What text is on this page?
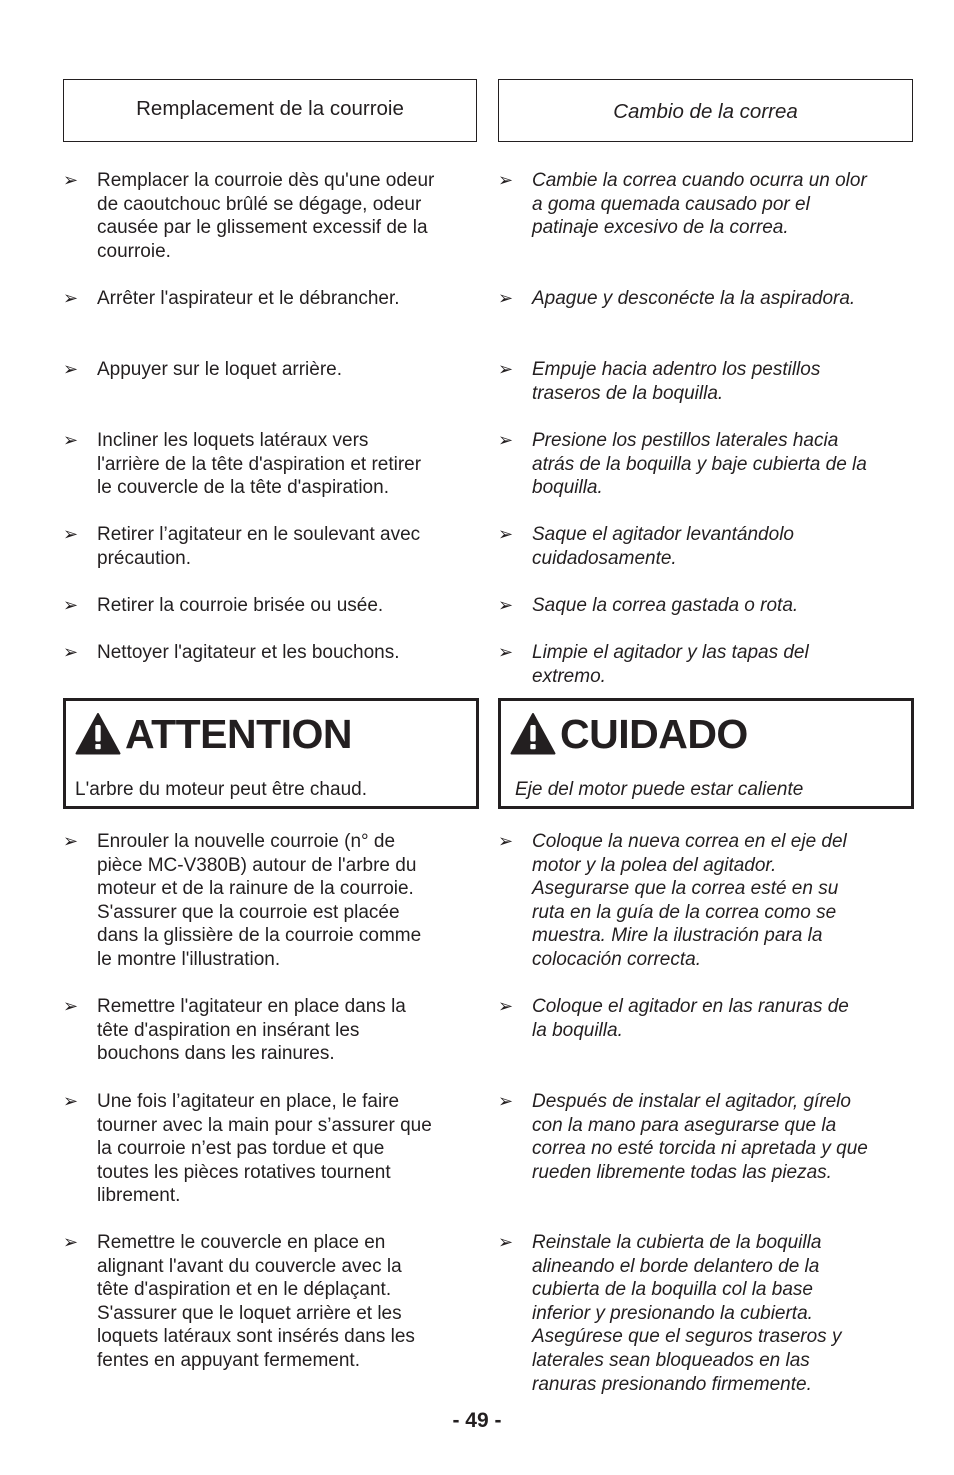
Remplacement de la courroie	Cambio de la correa
➢ Remplacer la courroie dès qu'une odeur
de caoutchouc brûlé se dégage, odeur
causée par le glissement excessif de la
courroie.
➢ Arrêter l'aspirateur et le débrancher.
➢ Appuyer sur le loquet arrière.
➢ Incliner les loquets latéraux vers
l'arrière de la tête d'aspiration et retirer
le couvercle de la tête d'aspiration.
➢ Retirer l’agitateur en le soulevant avec
précaution.
➢ Retirer la courroie brisée ou usée.
➢ Nettoyer l'agitateur et les bouchons.
➢ Enrouler la nouvelle courroie (n° de
pièce MC-V380B) autour de l'arbre du
moteur et de la rainure de la courroie.
S'assurer que la courroie est placée
dans la glissière de la courroie comme
le montre l'illustration.
➢ Remettre l'agitateur en place dans la
tête d'aspiration en insérant les
bouchons dans les rainures.
➢ Une fois l’agitateur en place, le faire
tourner avec la main pour s’assurer que
la courroie n’est pas tordue et que
toutes les pièces rotatives tournent
librement.
➢ Remettre le couvercle en place en
alignant l'avant du couvercle avec la
tête d'aspiration et en le déplaçant.
S'assurer que le loquet arrière et les
loquets latéraux sont insérés dans les
fentes en appuyant fermement.
➢ Cambie la correa cuando ocurra un olor
a goma quemada causado por el
patinaje excesivo de la correa.
➢ Apague y desconécte la la aspiradora.
➢ Empuje hacia adentro los pestillos
traseros de la boquilla.
➢ Presione los pestillos laterales hacia
atrás de la boquilla y baje cubierta de la
boquilla.
➢ Saque el agitador levantándolo
cuidadosamente.
➢ Saque la correa gastada o rota.
➢ Limpie el agitador y las tapas del
extremo.
➢ Coloque la nueva correa en el eje del
motor y la polea del agitador.
Asegurarse que la correa esté en su
ruta en la guía de la correa como se
muestra. Mire la ilustración para la
colocación correcta.
➢ Coloque el agitador en las ranuras de
la boquilla.
➢ Después de instalar el agitador, gírelo
con la mano para asegurarse que la
correa no esté torcida ni apretada y que
rueden libremente todas las piezas.
➢ Reinstale la cubierta de la boquilla
alineando el borde delantero de la
cubierta de la boquilla col la base
inferior y presionando la cubierta.
Asegúrese que el seguros traseros y
laterales sean bloqueados en las
ranuras presionando firmemente.
ATTENTION
L'arbre du moteur peut être chaud.
CUIDADO
Eje del motor puede estar caliente
- 49 -
